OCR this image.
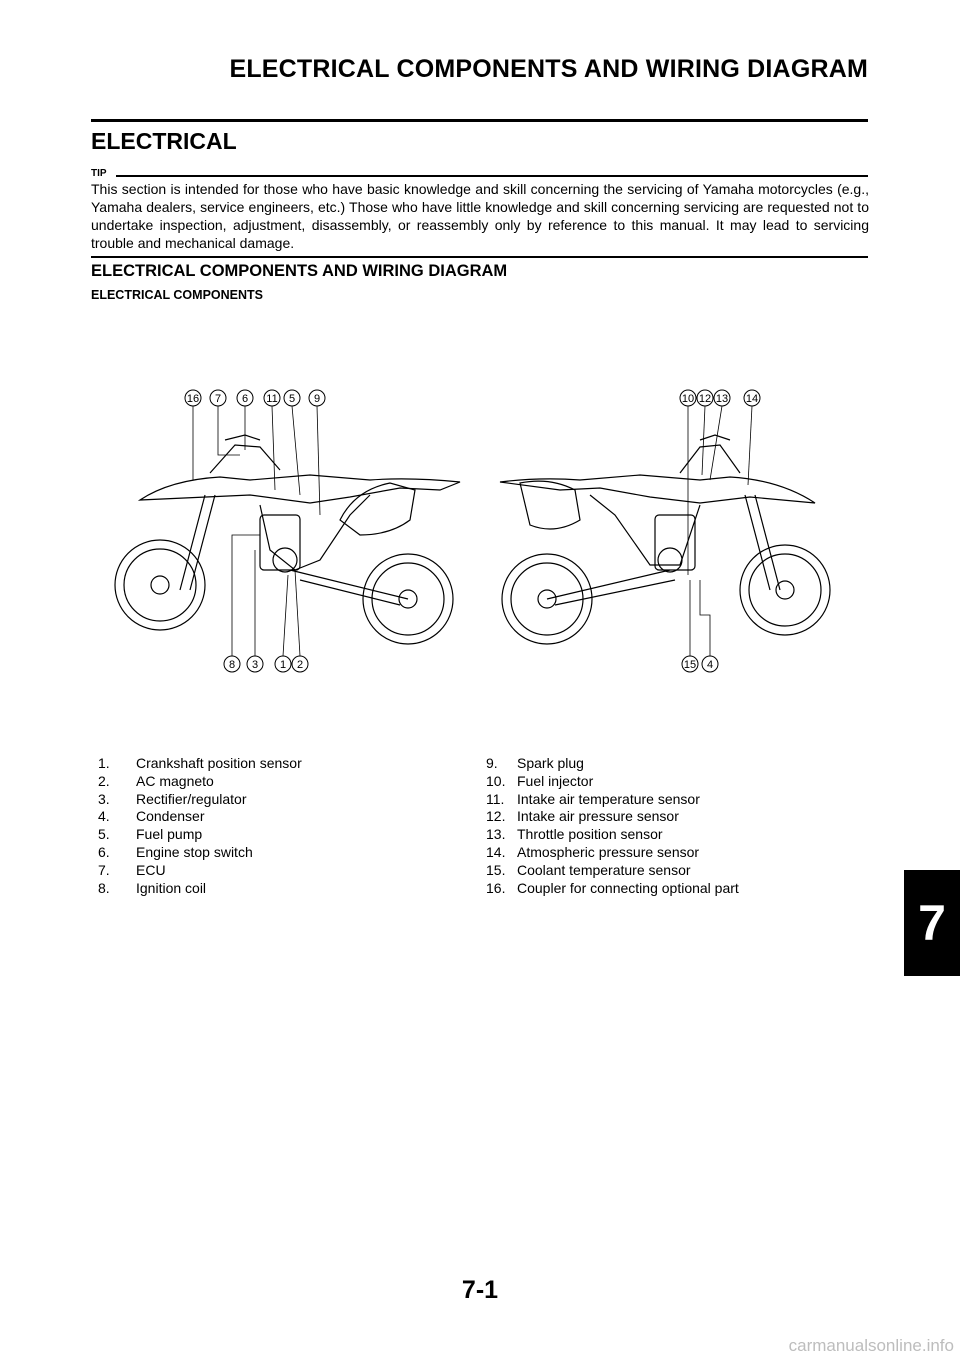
ELECTRICAL COMPONENTS AND WIRING DIAGRAM
ELECTRICAL
TIP
This section is intended for those who have basic knowledge and skill concerning the servicing of Yamaha motorcycles (e.g., Yamaha dealers, service engineers, etc.) Those who have little knowledge and skill concerning servicing are requested not to undertake inspection, adjustment, disassembly, or reassembly only by reference to this manual. It may lead to servicing trouble and mechanical damage.
ELECTRICAL COMPONENTS AND WIRING DIAGRAM
ELECTRICAL COMPONENTS
16 7 6 11 5 9
8 3 1 2
10 12 13 14
15 4
1.	Crankshaft position sensor
2.	AC magneto
3.	Rectifier/regulator
4.	Condenser
5.	Fuel pump
6.	Engine stop switch
7.	ECU
8.	Ignition coil
9.	Spark plug
10. Fuel injector
11. Intake air temperature sensor
12. Intake air pressure sensor
13. Throttle position sensor
14. Atmospheric pressure sensor
15. Coolant temperature sensor
16. Coupler for connecting optional part
7
7-1
carmanualsonline.info
